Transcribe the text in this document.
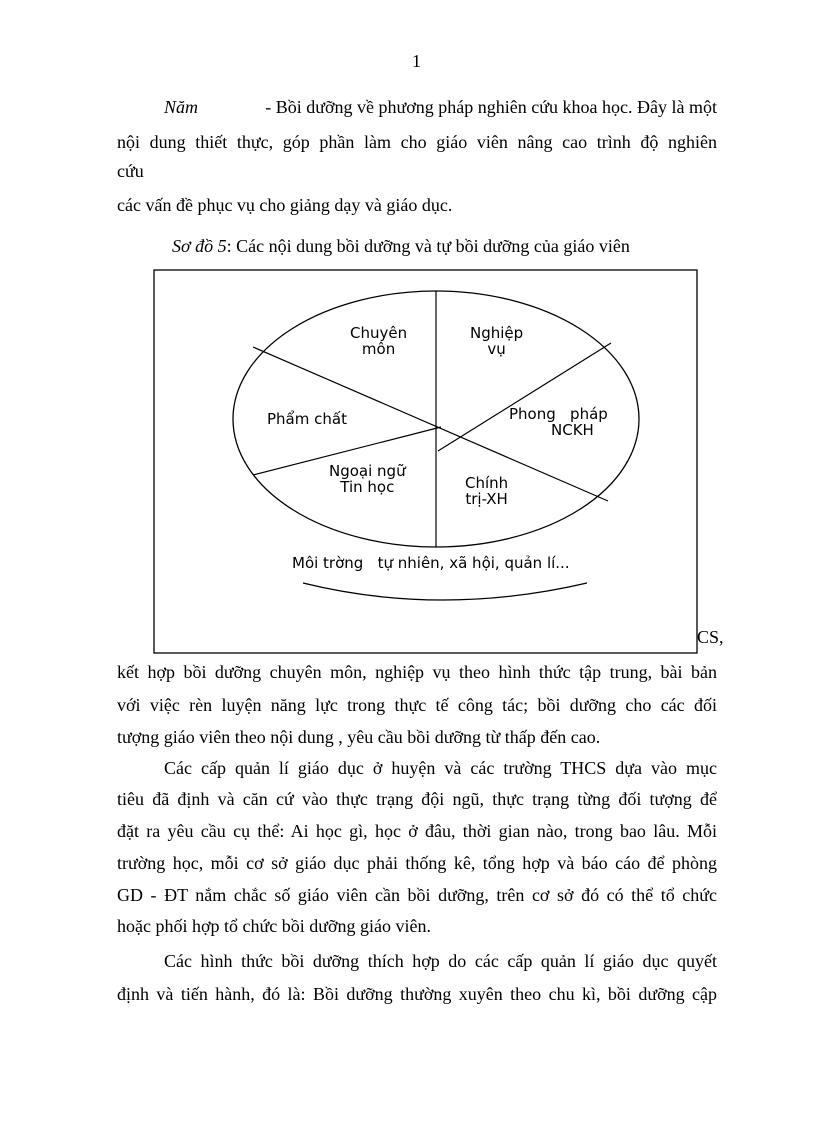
1
Năm	- Bồi dưỡng về phương pháp nghiên cứu khoa học. Đây là một
nội dung thiết thực, góp phần làm cho giáo viên nâng cao trình độ nghiên
cứu
các vấn đề phục vụ cho giảng dạy và giáo dục.
Sơ đồ 5: Các nội dung bồi dưỡng và tự bồi dưỡng của giáo viên
Chuyên
môn
Nghiệp
vụ
Phẩm chất	Phong   pháp
NCKH
Ngoại ngữ
Tin học	Chính
trị-XH
Môi trờng   tự nhiên, xã hội, quản lí...
CS,
kết hợp bồi dưỡng chuyên môn, nghiệp vụ theo hình thức tập trung, bài bản
với việc rèn luyện năng lực trong thực tế công tác; bồi dưỡng cho các đối
tượng giáo viên theo nội dung , yêu cầu bồi dưỡng từ thấp đến cao.
Các cấp quản lí giáo dục ở huyện và các trường THCS dựa vào mục
tiêu đã định và căn cứ vào thực trạng đội ngũ, thực trạng từng đối tượng để
đặt ra yêu cầu cụ thể: Ai học gì, học ở đâu, thời gian nào, trong bao lâu. Mỗi
trường học, mỗi cơ sở giáo dục phải thống kê, tổng hợp và báo cáo để phòng
GD - ĐT nắm chắc số giáo viên cần bồi dưỡng, trên cơ sở đó có thể tổ chức
hoặc phối hợp tổ chức bồi dưỡng giáo viên.
Các hình thức bồi dưỡng thích hợp do các cấp quản lí giáo dục quyết
định và tiến hành, đó là: Bồi dưỡng thường xuyên theo chu kì, bồi dưỡng cập
